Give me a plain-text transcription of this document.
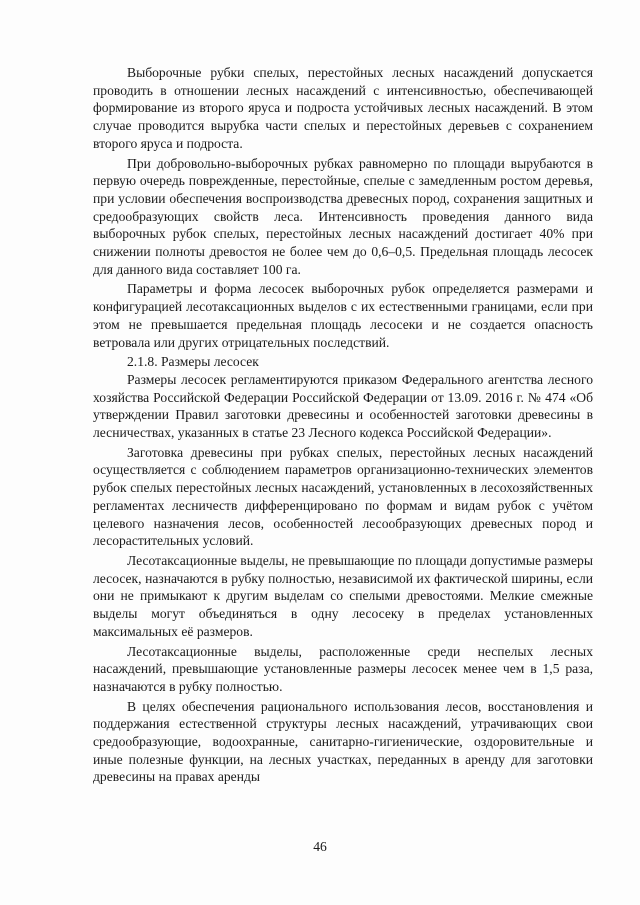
Выборочные рубки спелых, перестойных лесных насаждений допускается проводить в отношении лесных насаждений с интенсивностью, обеспечивающей формирование из второго яруса и подроста устойчивых лесных насаждений. В этом случае проводится вырубка части спелых и перестойных деревьев с сохранением второго яруса и подроста.

При добровольно-выборочных рубках равномерно по площади вырубаются в первую очередь поврежденные, перестойные, спелые с замедленным ростом деревья, при условии обеспечения воспроизводства древесных пород, сохранения защитных и средообразующих свойств леса. Интенсивность проведения данного вида выборочных рубок спелых, перестойных лесных насаждений достигает 40% при снижении полноты древостоя не более чем до 0,6–0,5. Предельная площадь лесосек для данного вида составляет 100 га.

Параметры и форма лесосек выборочных рубок определяется размерами и конфигурацией лесотаксационных выделов с их естественными границами, если при этом не превышается предельная площадь лесосеки и не создается опасность ветровала или других отрицательных последствий.

2.1.8. Размеры лесосек

Размеры лесосек регламентируются приказом Федерального агентства лесного хозяйства Российской Федерации Российской Федерации от 13.09. 2016 г. № 474 «Об утверждении Правил заготовки древесины и особенностей заготовки древесины в лесничествах, указанных в статье 23 Лесного кодекса Российской Федерации».

Заготовка древесины при рубках спелых, перестойных лесных насаждений осуществляется с соблюдением параметров организационно-технических элементов рубок спелых перестойных лесных насаждений, установленных в лесохозяйственных регламентах лесничеств дифференцировано по формам и видам рубок с учётом целевого назначения лесов, особенностей лесообразующих древесных пород и лесорастительных условий.

Лесотаксационные выделы, не превышающие по площади допустимые размеры лесосек, назначаются в рубку полностью, независимой их фактической ширины, если они не примыкают к другим выделам со спелыми древостоями. Мелкие смежные выделы могут объединяться в одну лесосеку в пределах установленных максимальных её размеров.

Лесотаксационные выделы, расположенные среди неспелых лесных насаждений, превышающие установленные размеры лесосек менее чем в 1,5 раза, назначаются в рубку полностью.

В целях обеспечения рационального использования лесов, восстановления и поддержания естественной структуры лесных насаждений, утрачивающих свои средообразующие, водоохранные, санитарно-гигиенические, оздоровительные и иные полезные функции, на лесных участках, переданных в аренду для заготовки древесины на правах аренды

46
